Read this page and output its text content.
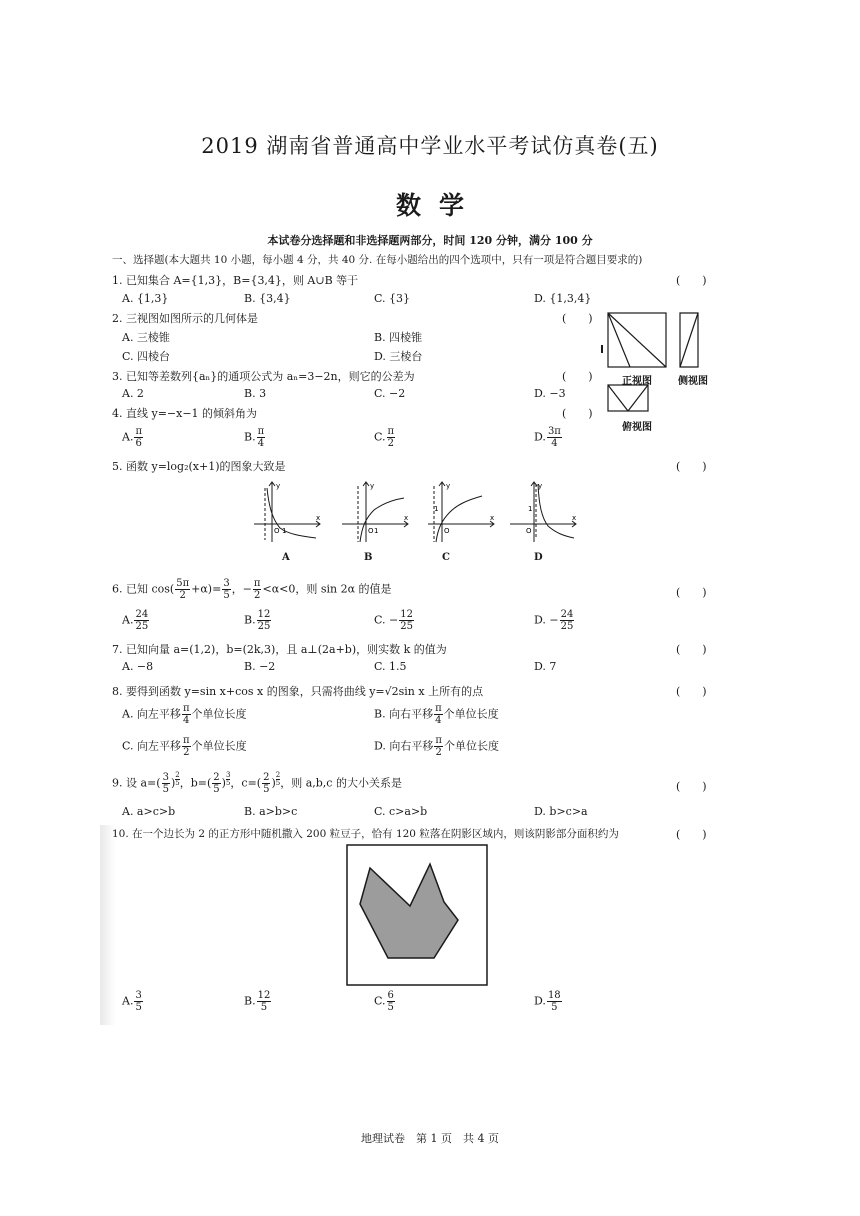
2019 湖南省普通高中学业水平考试仿真卷(五)
数学
本试卷分选择题和非选择题两部分，时间 120 分钟，满分 100 分
一、选择题(本大题共 10 小题，每小题 4 分，共 40 分. 在每小题给出的四个选项中，只有一项是符合题目要求的)
1. 已知集合 A={1,3}，B={3,4}，则 A∪B 等于	(　　)
A. {1,3}	B. {3,4}	C. {3}	D. {1,3,4}
2. 三视图如图所示的几何体是	(　　)
A. 三棱锥	B. 四棱锥
C. 四棱台	D. 三棱台
正视图	侧视图
俯视图
3. 已知等差数列{aₙ}的通项公式为 aₙ=3−2n，则它的公差为	(　　)
A. 2	B. 3	C. −2	D. −3
4. 直线 y=−x−1 的倾斜角为	(　　)
A. $\frac{\pi}{6}$	B. $\frac{\pi}{4}$	C. $\frac{\pi}{2}$	D. $\frac{3\pi}{4}$
5. 函数 y=log₂(x+1)的图象大致是	(　　)
y
x
O 1
A
y
x
O 1
B
y
x
O
1
C
y
x
O
1
D
6. 已知 $\cos( \frac{5\pi}{2} +\alpha)= \frac{3}{5}$ ，− $\frac{\pi}{2} <\alpha<0$，则 sin 2α 的值是	(　　)
A. $\frac{24}{25}$	B. $\frac{12}{25}$	C. − $\frac{12}{25}$	D. − $\frac{24}{25}$
7. 已知向量 a=(1,2)，b=(2k,3)，且 a⊥(2a+b)，则实数 k 的值为	(　　)
A. −8	B. −2	C. 1.5	D. 7
8. 要得到函数 y=sin x+cos x 的图象，只需将曲线 y=√2sin x 上所有的点	(　　)
A. 向左平移 $\frac{\pi}{4}$ 个单位长度	B. 向右平移 $\frac{\pi}{4}$ 个单位长度
C. 向左平移 $\frac{\pi}{2}$ 个单位长度	D. 向右平移 $\frac{\pi}{2}$ 个单位长度
9. 设 $a=( \frac{3}{5}$ ) $^{\frac{2}{5}}$ ，$b=( \frac{2}{5}$ ) $^{\frac{3}{5}}$ ，$c=( \frac{2}{5}$ ) $^{\frac{2}{5}}$ ，则 a,b,c 的大小关系是	(　　)
A. a>c>b	B. a>b>c	C. c>a>b	D. b>c>a
10. 在一个边长为 2 的正方形中随机撒入 200 粒豆子，恰有 120 粒落在阴影区域内，则该阴影部分面积约为	(　　)
A. $\frac{3}{5}$	B. $\frac{12}{5}$	C. $\frac{6}{5}$	D. $\frac{18}{5}$
地理试卷　第 1 页　共 4 页
